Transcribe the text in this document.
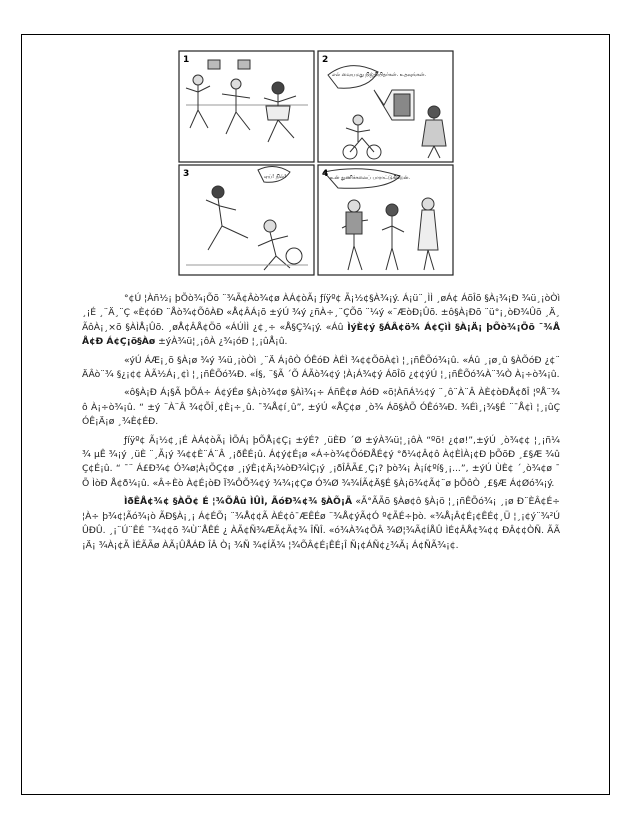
1	2
3	4
எல் வையமது நிஜ்தியிதர்கள். உதவுங்கள்.
ஏய்! நில்!	உன் துணிச்சலைப் பாராட்டுகிறேன்.

°¢Ú ¦Àñ½¡ þÕò¾¡Õõ ¨¾Ã¢Âò¾¢ø ÀÁ¢òÃ¡ ƒíÿº¢ Ã¡½¢§À¾¡ý. Á¡ü¨¸ÌÌ ¸øÁ¢ ÁõÎõ §À¡¾¡Ð ¾ü¸¡òÒì¸¡É ¸¨Ä¸¨Ç «È¢óÐ ¨Åò¾¢ÕôÀÐ «Å¢ÂÁ¡õ ±ýÚ ¾ý ¿ñÀ÷¸¨ÇÕõ ¨¼ý «¨ÆòÐ¡Ûõ. ±ô§À¡Ðõ ¨ü°¡¸òÐ¾Ûõ ¸Ä¸ÃôÀ¡¸×õ §ÀÌÅ¡Ûõ. ¸øÅ¢ÂÅ¢Öõ «ÁÚÌÌ ¿¢¸÷ «Å§Ç¾¡ý. «Áû ÌýÈ¢ý §ÁÂ¢ö¾ Á¢ÇìÌ §À¡Ä¡ þÕò¾¡Õõ ¯¾ÅÅ¢Ð Á¢Ç¡õ§Àø ±ýÀ¾ü¦¸¡ôÀ ¿¾¡óÐ ¦¸¡ûÅ¡û.

«ýÚ ÁÆ¡¸õ §À¡ø ¾ý ¾ü¸¡òÒì ¸¨Ä Á¡ôÒ ÓÊóÐ ÀÉÌ ¾¢¢ÕõÀ¢ì ¦¸¡ñÊÕó¾¡û. «Áû ¸¡ø¸û §ÀÕóÐ ¿¢¨ÄÂò¨¾ §¿¡¢¢ ÀÃ½Á¡¸¢ì ¦¸¡ñÊÕó¾Ð. «Í§, ¨§Ã ´Õ ÁÃò¾¢ý ¦À¡Á¾¢ý ÁõÎõ ¿¢¢ýÚ ¦¸¡ñÊÕó¾À¨¾Ò À¡÷ò¾¡û.

«ô§À¡Ð Á¡§Ã þÕÁ÷ Á¢ýÉø §À¡ò¾¢ø §Àì¾¡÷ ÁñÊ¢ø ÀóÐ «õ¦ÀñÁ½¢ý ¨¸ô¨À¨Â ÀÈ¢òÐÅ¢ðÎ ¦ºÅ¨¾ô À¡÷ò¾¡û. “ ±ý ¨À¨Â ¾¢ÕÎ¸¢È¡÷¸û. ¯¾Å¢í¸û”, ±ýÚ «ÅÇ¢ø ¸ò¾ Áõ§ÀÕ ÓÊó¾Ð. ¾Éì¸¡¾§É ¨¯Å¢ì ¦¸¡ûÇ ÓÊ¡Ä¡ø ¸¾È¢ÉÐ.

ƒíÿº¢ Ã¡½¢¸¡É ÀÁ¢òÃ¡ ÌÕÁ¡ þÕÅ¡¢Ç¡ ±ýÉ? ¸üÈÐ ´Ø ±ýÀ¾ü¦¸¡ôÀ “ºõ! ¿¢ø!”,±ýÚ ¸ò¾¢¢ ¦¸¡ñ¼¾ µÊ ¾¡ý ¸üÈ ¨¸Ã¡ý ¾¢¢È¨Á¨Â ¸¡ðÊÉ¡û. Á¢ý¢É¡ø «Á÷ò¾¢ÕóÐÅÉ¢ý °ð¼¢Â¢ô À¢ÈÌÀ¡¢Ð þÕõÐ ¸£§Æ ¾ûÇ¢É¡û. “ ¯¨ Á£Ð¾¢ Ó¾ø¦À¡ÕÇ¢ø ¸¡ýÈ¡¢Ä¡¼òÐ¾ÌÇ¡ý ¸¡ðÎÂÃ£¸Ç¡? þò¾¡ À¡í¢ºí§¸¡...”, ±ýÚ ÙÈ¢ ´¸ò¾¢ø ¯Õ ÌòÐ Å¢ð¼¡û. «Â÷Èò À¢É¡òÐ Ï¾ÔÕ¾¢ý ¾¾¡¢Çø Ó¾Ø ¾¾ÍÃ¢Ä§É §À¡ö¾¢Ã¢¨ø þÕôÒ ¸£§Æ Á¢Øó¾¡ý.

ÌðÊÅ¢¾¢ §ÀÕ¢ É ¦¾ÕÅû ÌÛÌ, ÃóÐ¾¢¾ §ÀÕ¡Ã «Ã°ÃÃõ §Àø¢ô §À¡ö ¦¸¡ñÊÕó¾¡ ¸¡ø Ð¨ÈÂ¢É÷ ¦À÷ þ¾¢¦Ãó¾¡ò ÃÐ§À¡¸¡ Á¢ÉÕ¡ ¨¾Å¢¢Ã ÀÉ¢ô¯ÆÊÉø ¨¾Å¢ýÃ¢Ó º¢ÃÉ÷þò. «¾Å¡Â¢É¡¢ÊÉ¢¸Ü ¦¸¡¢ý¨¾²ÚÛÐÛ. ¸¡¨Ú¨ÊÉ ¯¾¢¢õ ¾Ù¨ÅÊÉ ¿ ÀÃ¢Ñ¾ÆÃ¢Ã¢¾ ÎÑÎ. «ó¾À¾¢ÕÂ ¾Ø¦¾Ã¢ÍÅÛ ÌÉ¢ÂÅ¢¾¢¢ ÐÂ¢¢ÒÑ. ÃÃ¡Ä¡ ¾À¡¢Ã ÌÉÃÃø ÀÃ¡ÛÅÁÐ ÎÂ Ò¡ ¾Ñ ¾¢ÍÃ¾ ¦¾ÕÂ¢É¡ÊÉ¡Î Ñ¡¢ÁÑ¢¿¾Ã¡ Á¢ÑÃ¾¡¢.
